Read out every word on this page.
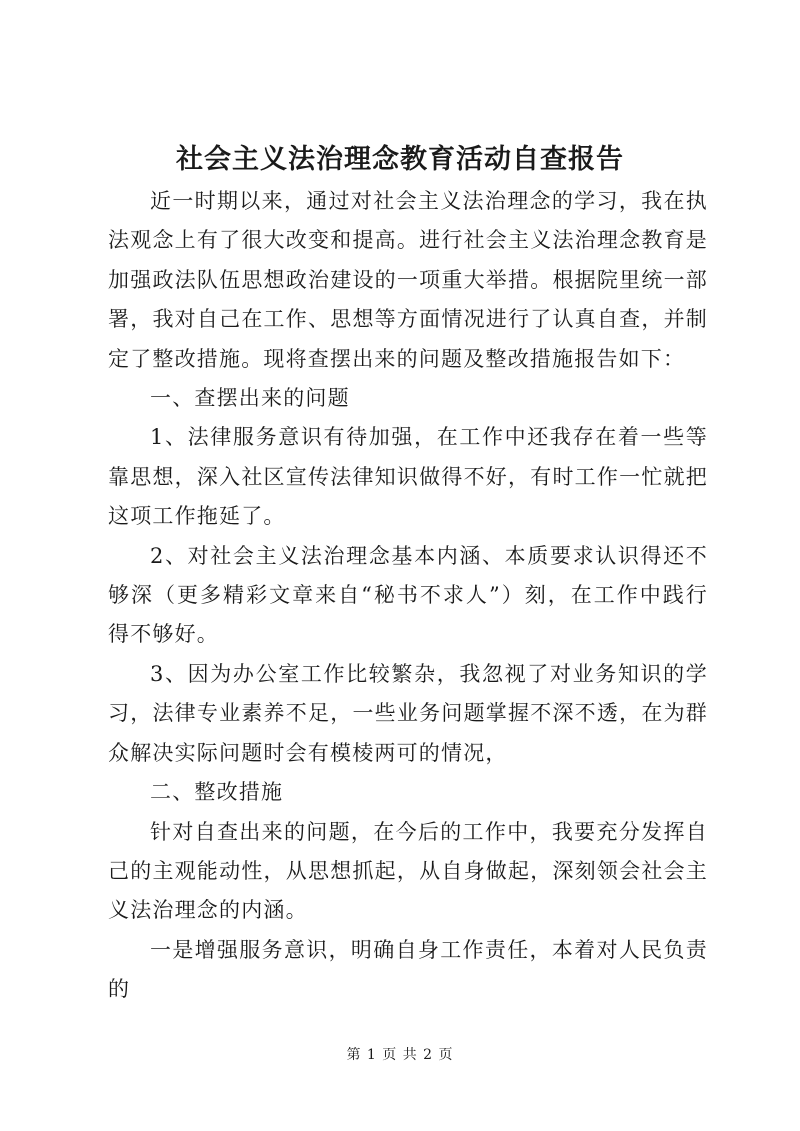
社会主义法治理念教育活动自查报告

近一时期以来，通过对社会主义法治理念的学习，我在执法观念上有了很大改变和提高。进行社会主义法治理念教育是加强政法队伍思想政治建设的一项重大举措。根据院里统一部署，我对自己在工作、思想等方面情况进行了认真自查，并制定了整改措施。现将查摆出来的问题及整改措施报告如下：

一、查摆出来的问题

1、法律服务意识有待加强，在工作中还我存在着一些等靠思想，深入社区宣传法律知识做得不好，有时工作一忙就把这项工作拖延了。

2、对社会主义法治理念基本内涵、本质要求认识得还不够深（更多精彩文章来自“秘书不求人”）刻，在工作中践行得不够好。

3、因为办公室工作比较繁杂，我忽视了对业务知识的学习，法律专业素养不足，一些业务问题掌握不深不透，在为群众解决实际问题时会有模棱两可的情况，

二、整改措施

针对自查出来的问题，在今后的工作中，我要充分发挥自己的主观能动性，从思想抓起，从自身做起，深刻领会社会主义法治理念的内涵。

一是增强服务意识，明确自身工作责任，本着对人民负责的

第 1 页 共 2 页
